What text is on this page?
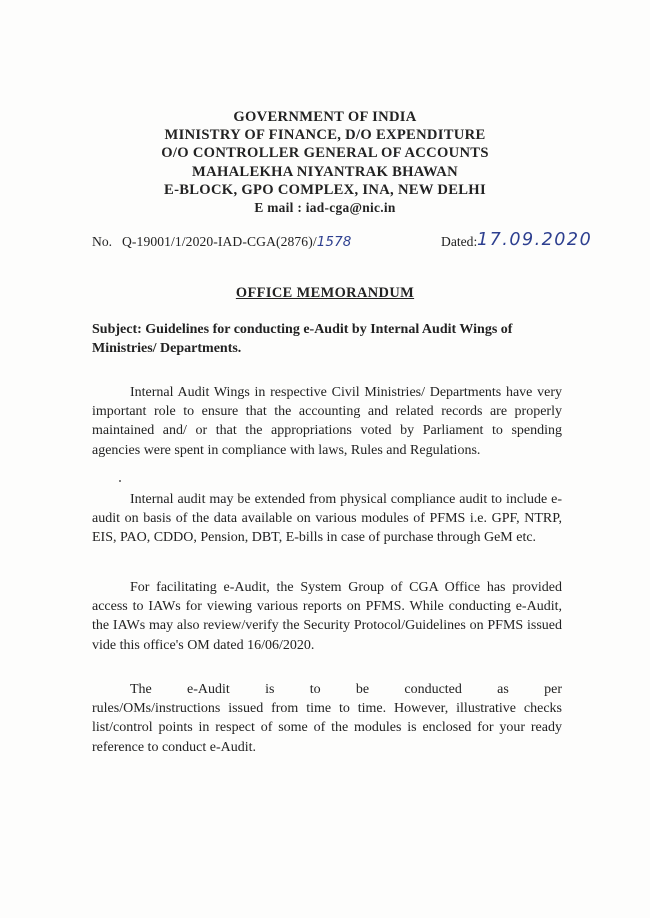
GOVERNMENT OF INDIA
MINISTRY OF FINANCE, D/O EXPENDITURE
O/O CONTROLLER GENERAL OF ACCOUNTS
MAHALEKHA NIYANTRAK BHAWAN
E-BLOCK, GPO COMPLEX, INA, NEW DELHI
E mail : iad-cga@nic.in
No. Q-19001/1/2020-IAD-CGA(2876)/1578	Dated: 17.09.2020
OFFICE MEMORANDUM
Subject: Guidelines for conducting e-Audit by Internal Audit Wings of Ministries/ Departments.

Internal Audit Wings in respective Civil Ministries/ Departments have very important role to ensure that the accounting and related records are properly maintained and/ or that the appropriations voted by Parliament to spending agencies were spent in compliance with laws, Rules and Regulations.

Internal audit may be extended from physical compliance audit to include e-audit on basis of the data available on various modules of PFMS i.e. GPF, NTRP, EIS, PAO, CDDO, Pension, DBT, E-bills in case of purchase through GeM etc.

For facilitating e-Audit, the System Group of CGA Office has provided access to IAWs for viewing various reports on PFMS. While conducting e-Audit, the IAWs may also review/verify the Security Protocol/Guidelines on PFMS issued vide this office's OM dated 16/06/2020.

The e-Audit is to be conducted as per rules/OMs/instructions issued from time to time. However, illustrative checks list/control points in respect of some of the modules is enclosed for your ready reference to conduct e-Audit.
